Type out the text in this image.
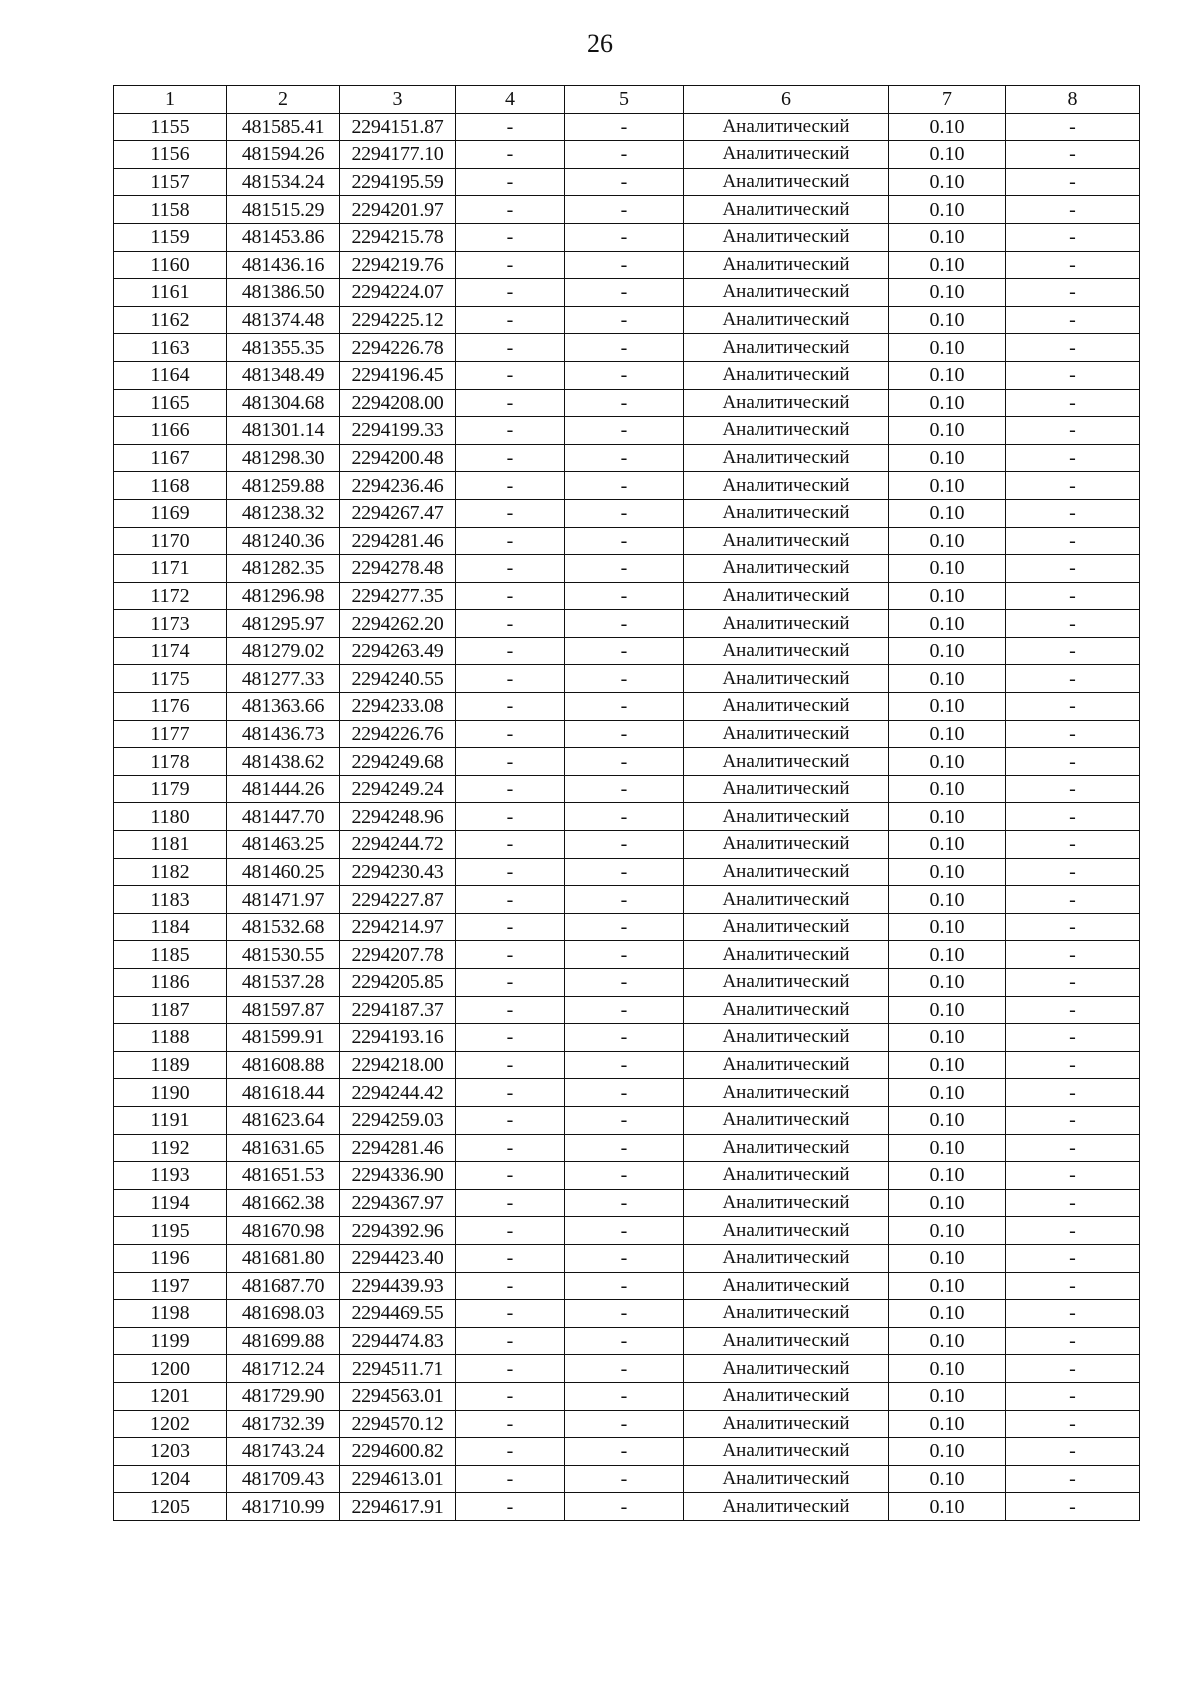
26
1	2	3	4	5	6	7	8
1155	481585.41	2294151.87	-	-	Аналитический	0.10	-
1156	481594.26	2294177.10	-	-	Аналитический	0.10	-
1157	481534.24	2294195.59	-	-	Аналитический	0.10	-
1158	481515.29	2294201.97	-	-	Аналитический	0.10	-
1159	481453.86	2294215.78	-	-	Аналитический	0.10	-
1160	481436.16	2294219.76	-	-	Аналитический	0.10	-
1161	481386.50	2294224.07	-	-	Аналитический	0.10	-
1162	481374.48	2294225.12	-	-	Аналитический	0.10	-
1163	481355.35	2294226.78	-	-	Аналитический	0.10	-
1164	481348.49	2294196.45	-	-	Аналитический	0.10	-
1165	481304.68	2294208.00	-	-	Аналитический	0.10	-
1166	481301.14	2294199.33	-	-	Аналитический	0.10	-
1167	481298.30	2294200.48	-	-	Аналитический	0.10	-
1168	481259.88	2294236.46	-	-	Аналитический	0.10	-
1169	481238.32	2294267.47	-	-	Аналитический	0.10	-
1170	481240.36	2294281.46	-	-	Аналитический	0.10	-
1171	481282.35	2294278.48	-	-	Аналитический	0.10	-
1172	481296.98	2294277.35	-	-	Аналитический	0.10	-
1173	481295.97	2294262.20	-	-	Аналитический	0.10	-
1174	481279.02	2294263.49	-	-	Аналитический	0.10	-
1175	481277.33	2294240.55	-	-	Аналитический	0.10	-
1176	481363.66	2294233.08	-	-	Аналитический	0.10	-
1177	481436.73	2294226.76	-	-	Аналитический	0.10	-
1178	481438.62	2294249.68	-	-	Аналитический	0.10	-
1179	481444.26	2294249.24	-	-	Аналитический	0.10	-
1180	481447.70	2294248.96	-	-	Аналитический	0.10	-
1181	481463.25	2294244.72	-	-	Аналитический	0.10	-
1182	481460.25	2294230.43	-	-	Аналитический	0.10	-
1183	481471.97	2294227.87	-	-	Аналитический	0.10	-
1184	481532.68	2294214.97	-	-	Аналитический	0.10	-
1185	481530.55	2294207.78	-	-	Аналитический	0.10	-
1186	481537.28	2294205.85	-	-	Аналитический	0.10	-
1187	481597.87	2294187.37	-	-	Аналитический	0.10	-
1188	481599.91	2294193.16	-	-	Аналитический	0.10	-
1189	481608.88	2294218.00	-	-	Аналитический	0.10	-
1190	481618.44	2294244.42	-	-	Аналитический	0.10	-
1191	481623.64	2294259.03	-	-	Аналитический	0.10	-
1192	481631.65	2294281.46	-	-	Аналитический	0.10	-
1193	481651.53	2294336.90	-	-	Аналитический	0.10	-
1194	481662.38	2294367.97	-	-	Аналитический	0.10	-
1195	481670.98	2294392.96	-	-	Аналитический	0.10	-
1196	481681.80	2294423.40	-	-	Аналитический	0.10	-
1197	481687.70	2294439.93	-	-	Аналитический	0.10	-
1198	481698.03	2294469.55	-	-	Аналитический	0.10	-
1199	481699.88	2294474.83	-	-	Аналитический	0.10	-
1200	481712.24	2294511.71	-	-	Аналитический	0.10	-
1201	481729.90	2294563.01	-	-	Аналитический	0.10	-
1202	481732.39	2294570.12	-	-	Аналитический	0.10	-
1203	481743.24	2294600.82	-	-	Аналитический	0.10	-
1204	481709.43	2294613.01	-	-	Аналитический	0.10	-
1205	481710.99	2294617.91	-	-	Аналитический	0.10	-
